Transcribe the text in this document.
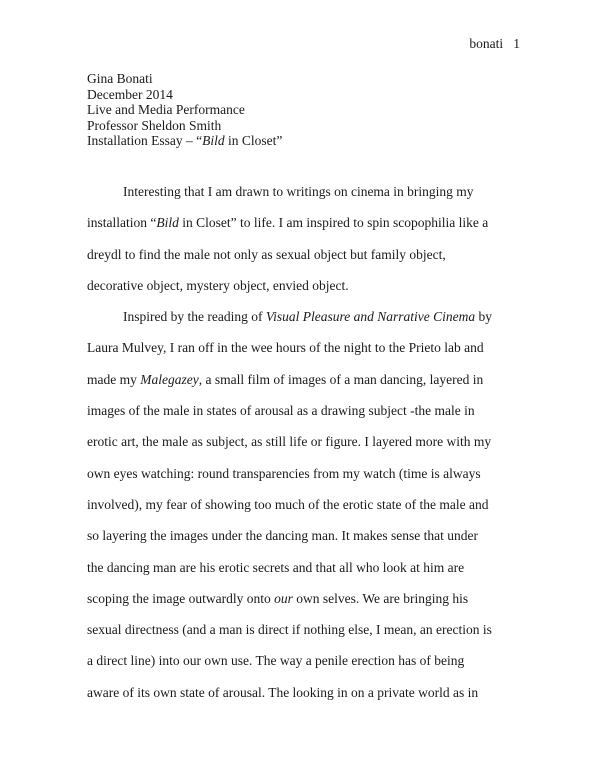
bonati 1
Gina Bonati
December 2014
Live and Media Performance
Professor Sheldon Smith
Installation Essay – “Bild in Closet”
Interesting that I am drawn to writings on cinema in bringing my
installation “Bild in Closet” to life. I am inspired to spin scopophilia like a
dreydl to find the male not only as sexual object but family object,
decorative object, mystery object, envied object.
Inspired by the reading of Visual Pleasure and Narrative Cinema by
Laura Mulvey, I ran off in the wee hours of the night to the Prieto lab and
made my Malegazey, a small film of images of a man dancing, layered in
images of the male in states of arousal as a drawing subject -the male in
erotic art, the male as subject, as still life or figure. I layered more with my
own eyes watching: round transparencies from my watch (time is always
involved), my fear of showing too much of the erotic state of the male and
so layering the images under the dancing man. It makes sense that under
the dancing man are his erotic secrets and that all who look at him are
scoping the image outwardly onto our own selves. We are bringing his
sexual directness (and a man is direct if nothing else, I mean, an erection is
a direct line) into our own use. The way a penile erection has of being
aware of its own state of arousal. The looking in on a private world as in
